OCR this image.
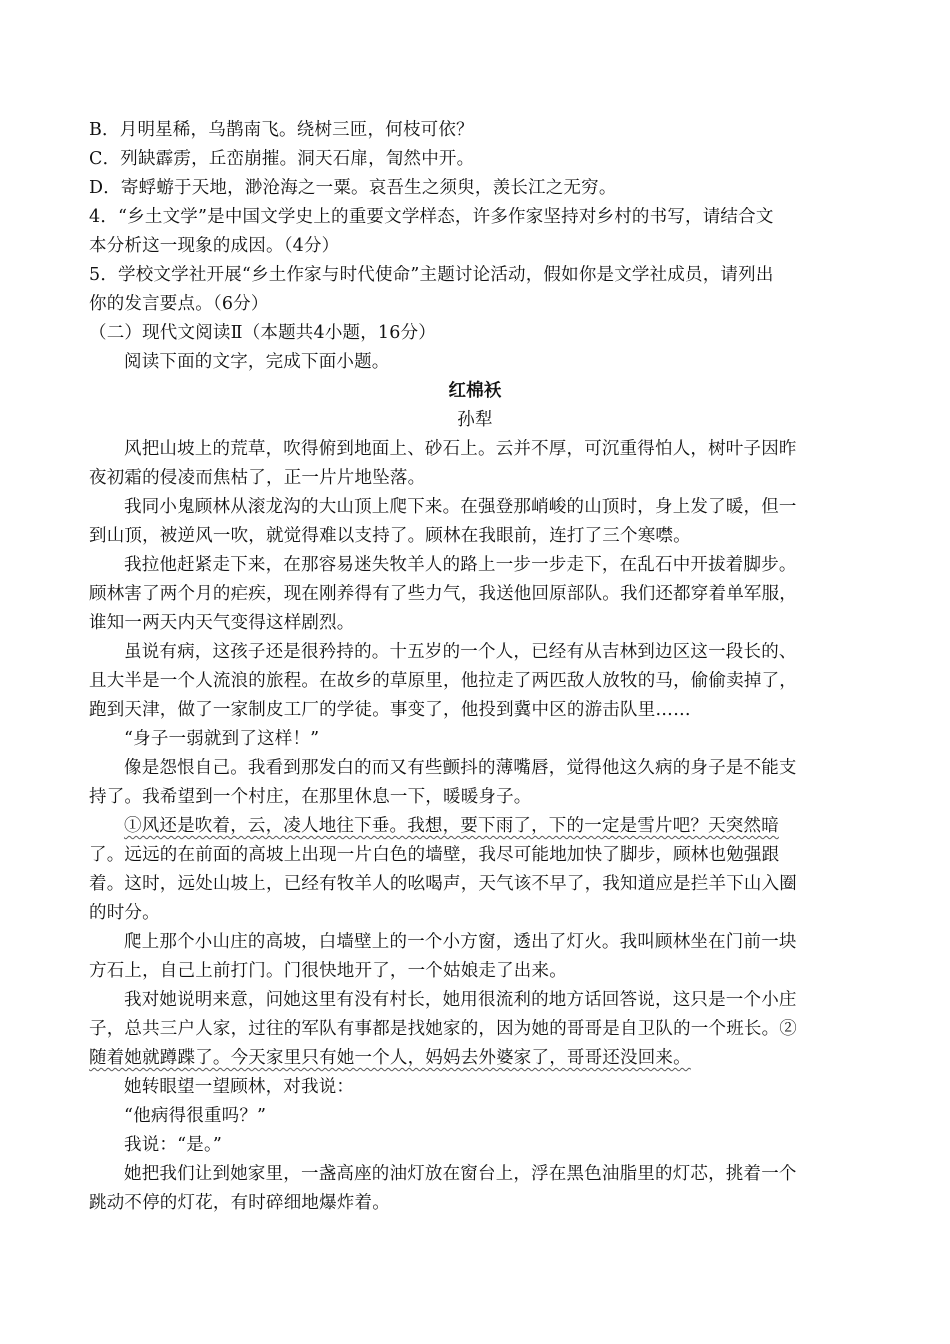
B．月明星稀，乌鹊南飞。绕树三匝，何枝可依？
C．列缺霹雳，丘峦崩摧。洞天石扉，訇然中开。
D．寄蜉蝣于天地，渺沧海之一粟。哀吾生之须臾，羡长江之无穷。
4．“乡土文学”是中国文学史上的重要文学样态，许多作家坚持对乡村的书写，请结合文
本分析这一现象的成因。（4分）
5．学校文学社开展“乡土作家与时代使命”主题讨论活动，假如你是文学社成员，请列出
你的发言要点。（6分）
（二）现代文阅读Ⅱ（本题共4小题，16分）
阅读下面的文字，完成下面小题。
红棉袄
孙犁
风把山坡上的荒草，吹得俯到地面上、砂石上。云并不厚，可沉重得怕人，树叶子因昨
夜初霜的侵凌而焦枯了，正一片片地坠落。
我同小鬼顾林从滚龙沟的大山顶上爬下来。在强登那峭峻的山顶时，身上发了暖，但一
到山顶，被逆风一吹，就觉得难以支持了。顾林在我眼前，连打了三个寒噤。
我拉他赶紧走下来，在那容易迷失牧羊人的路上一步一步走下，在乱石中开拔着脚步。
顾林害了两个月的疟疾，现在刚养得有了些力气，我送他回原部队。我们还都穿着单军服，
谁知一两天内天气变得这样剧烈。
虽说有病，这孩子还是很矜持的。十五岁的一个人，已经有从吉林到边区这一段长的、
且大半是一个人流浪的旅程。在故乡的草原里，他拉走了两匹敌人放牧的马，偷偷卖掉了，
跑到天津，做了一家制皮工厂的学徒。事变了，他投到冀中区的游击队里……
“身子一弱就到了这样！”
像是怨恨自己。我看到那发白的而又有些颤抖的薄嘴唇，觉得他这久病的身子是不能支
持了。我希望到一个村庄，在那里休息一下，暖暖身子。
①风还是吹着，云，凌人地往下垂。我想，要下雨了，下的一定是雪片吧？天突然暗
了。远远的在前面的高坡上出现一片白色的墙壁，我尽可能地加快了脚步，顾林也勉强跟
着。这时，远处山坡上，已经有牧羊人的吆喝声，天气该不早了，我知道应是拦羊下山入圈
的时分。
爬上那个小山庄的高坡，白墙壁上的一个小方窗，透出了灯火。我叫顾林坐在门前一块
方石上，自己上前打门。门很快地开了，一个姑娘走了出来。
我对她说明来意，问她这里有没有村长，她用很流利的地方话回答说，这只是一个小庄
子，总共三户人家，过往的军队有事都是找她家的，因为她的哥哥是自卫队的一个班长。②
随着她就蹲蹀了。今天家里只有她一个人，妈妈去外婆家了，哥哥还没回来。
她转眼望一望顾林，对我说：
“他病得很重吗？”
我说：“是。”
她把我们让到她家里，一盏高座的油灯放在窗台上，浮在黑色油脂里的灯芯，挑着一个
跳动不停的灯花，有时碎细地爆炸着。
